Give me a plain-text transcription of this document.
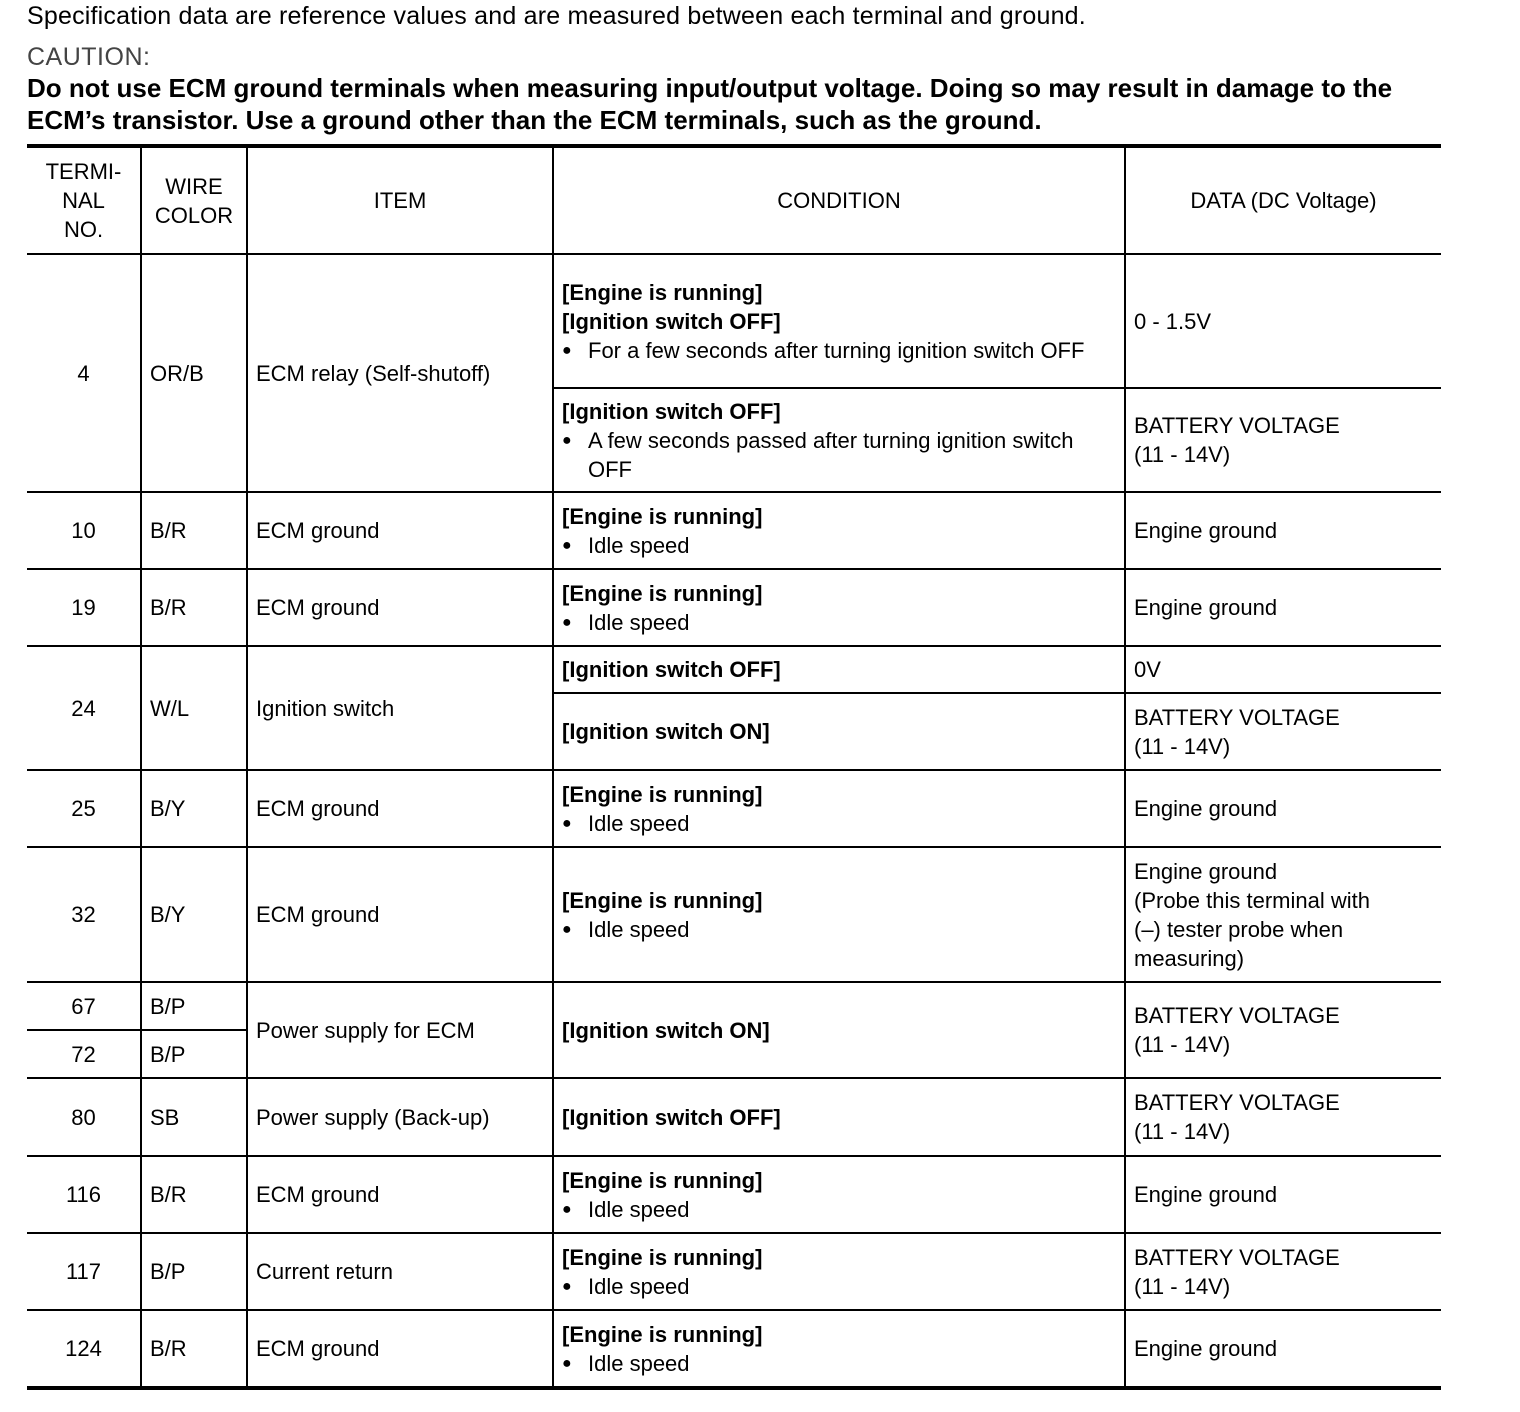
Specification data are reference values and are measured between each terminal and ground.
CAUTION:
Do not use ECM ground terminals when measuring input/output voltage. Doing so may result in damage to the ECM’s transistor. Use a ground other than the ECM terminals, such as the ground.
TERMI-
NAL
NO.	WIRE
COLOR	ITEM	CONDITION	DATA (DC Voltage)
4	OR/B	ECM relay (Self-shutoff)	[Engine is running]
[Ignition switch OFF]
● For a few seconds after turning ignition switch OFF	0 - 1.5V

			[Ignition switch OFF]
● A few seconds passed after turning ignition switch OFF	BATTERY VOLTAGE
(11 - 14V)

10	B/R	ECM ground	[Engine is running]
● Idle speed	Engine ground
19	B/R	ECM ground	[Engine is running]
● Idle speed	Engine ground
24	W/L	Ignition switch	[Ignition switch OFF]	0V

			[Ignition switch ON]	BATTERY VOLTAGE
(11 - 14V)

25	B/Y	ECM ground	[Engine is running]
● Idle speed	Engine ground
32	B/Y	ECM ground	[Engine is running]
● Idle speed	Engine ground
(Probe this terminal with
(–) tester probe when
measuring)

67	B/P	Power supply for ECM	[Ignition switch ON]	BATTERY VOLTAGE
(11 - 14V)

72	B/P			
80	SB	Power supply (Back-up)	[Ignition switch OFF]	BATTERY VOLTAGE
(11 - 14V)

116	B/R	ECM ground	[Engine is running]
● Idle speed	Engine ground
117	B/P	Current return	[Engine is running]
● Idle speed	BATTERY VOLTAGE
(11 - 14V)

124	B/R	ECM ground	[Engine is running]
● Idle speed	Engine ground
